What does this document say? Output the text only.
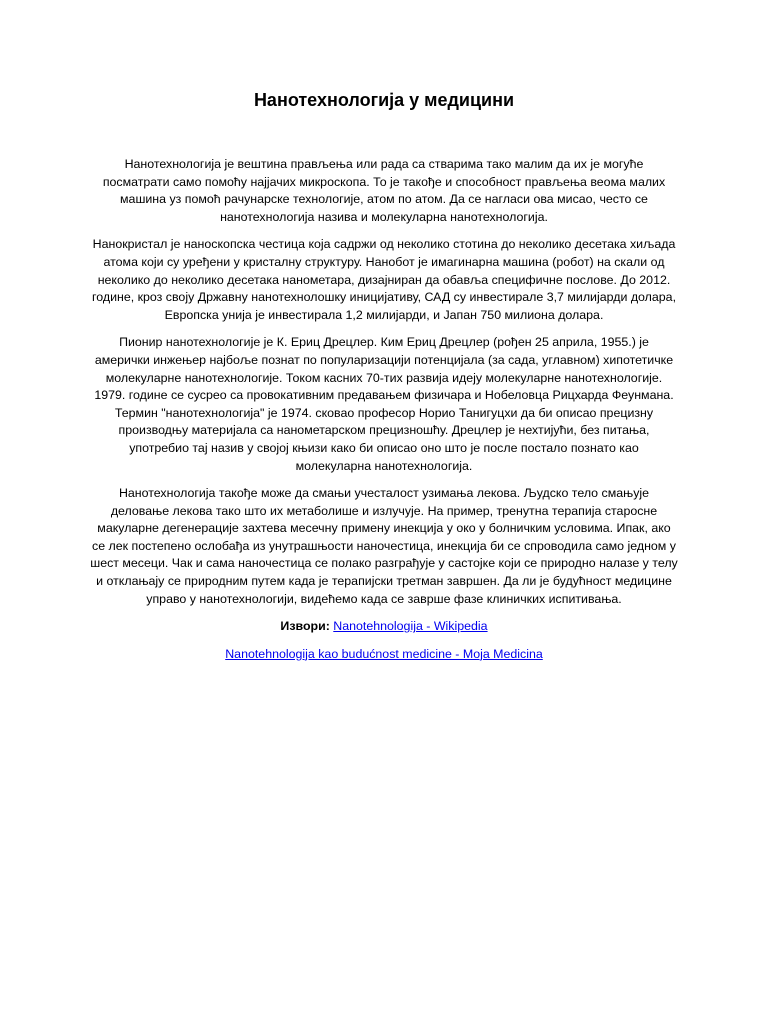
Нанотехнологија у медицини

Нанотехнологија је вештина прављења или рада са стварима тако малим да их је могуће посматрати само помоћу најјачих микроскопа. То је такође и способност прављења веома малих машина уз помоћ рачунарске технологије, атом по атом. Да се нагласи ова мисао, често се нанотехнологија назива и молекуларна нанотехнологија.

Нанокристал је наноскопска честица која садржи од неколико стотина до неколико десетака хиљада атома који су уређени у кристалну структуру. Нанобот је имагинарна машина (робот) на скали од неколико до неколико десетака нанометара, дизајниран да обавља специфичне послове. До 2012. године, кроз своју Државну нанотехнолошку иницијативу, САД су инвестирале 3,7 милијарди долара, Европска унија је инвестирала 1,2 милијарди, и Јапан 750 милиона долара.

Пионир нанотехнологије је К. Ериц Дрецлер. Ким Ериц Дрецлер (рођен 25 априла, 1955.) је амерички инжењер најбоље познат по популаризацији потенцијала (за сада, углавном) хипотетичке молекуларне нанотехнологије. Током касних 70-тих развија идеју молекуларне нанотехнологије. 1979. године се сусрео са провокативним предавањем физичара и Нобеловца Рицхарда Феунмана. Термин "нанотехнологија" је 1974. сковао професор Норио Танигуцхи да би описао прецизну производњу материјала са нанометарском прецизношћу. Дрецлер је нехтијући, без питања, употребио тај назив у својој књизи како би описао оно што је после постало познато као молекуларна нанотехнологија.

Нанотехнологија такође може да смањи учесталост узимања лекова. Људско тело смањује деловање лекова тако што их метаболише и излучује. На пример, тренутна терапија старосне макуларне дегенерације захтева месечну примену инекција у око у болничким условима. Ипак, ако се лек постепено ослобађа из унутрашњости наночестица, инекција би се спроводила само једном у шест месеци. Чак и сама наночестица се полако разграђује у састојке који се природно налазе у телу и отклањају се природним путем када је терапијски третман завршен. Да ли је будућност медицине управо у нанотехнологији, видећемо када се заврше фазе клиничких испитивања.

Извори: Nanotehnologija - Wikipedia

Nanotehnologija kao budućnost medicine - Moja Medicina
